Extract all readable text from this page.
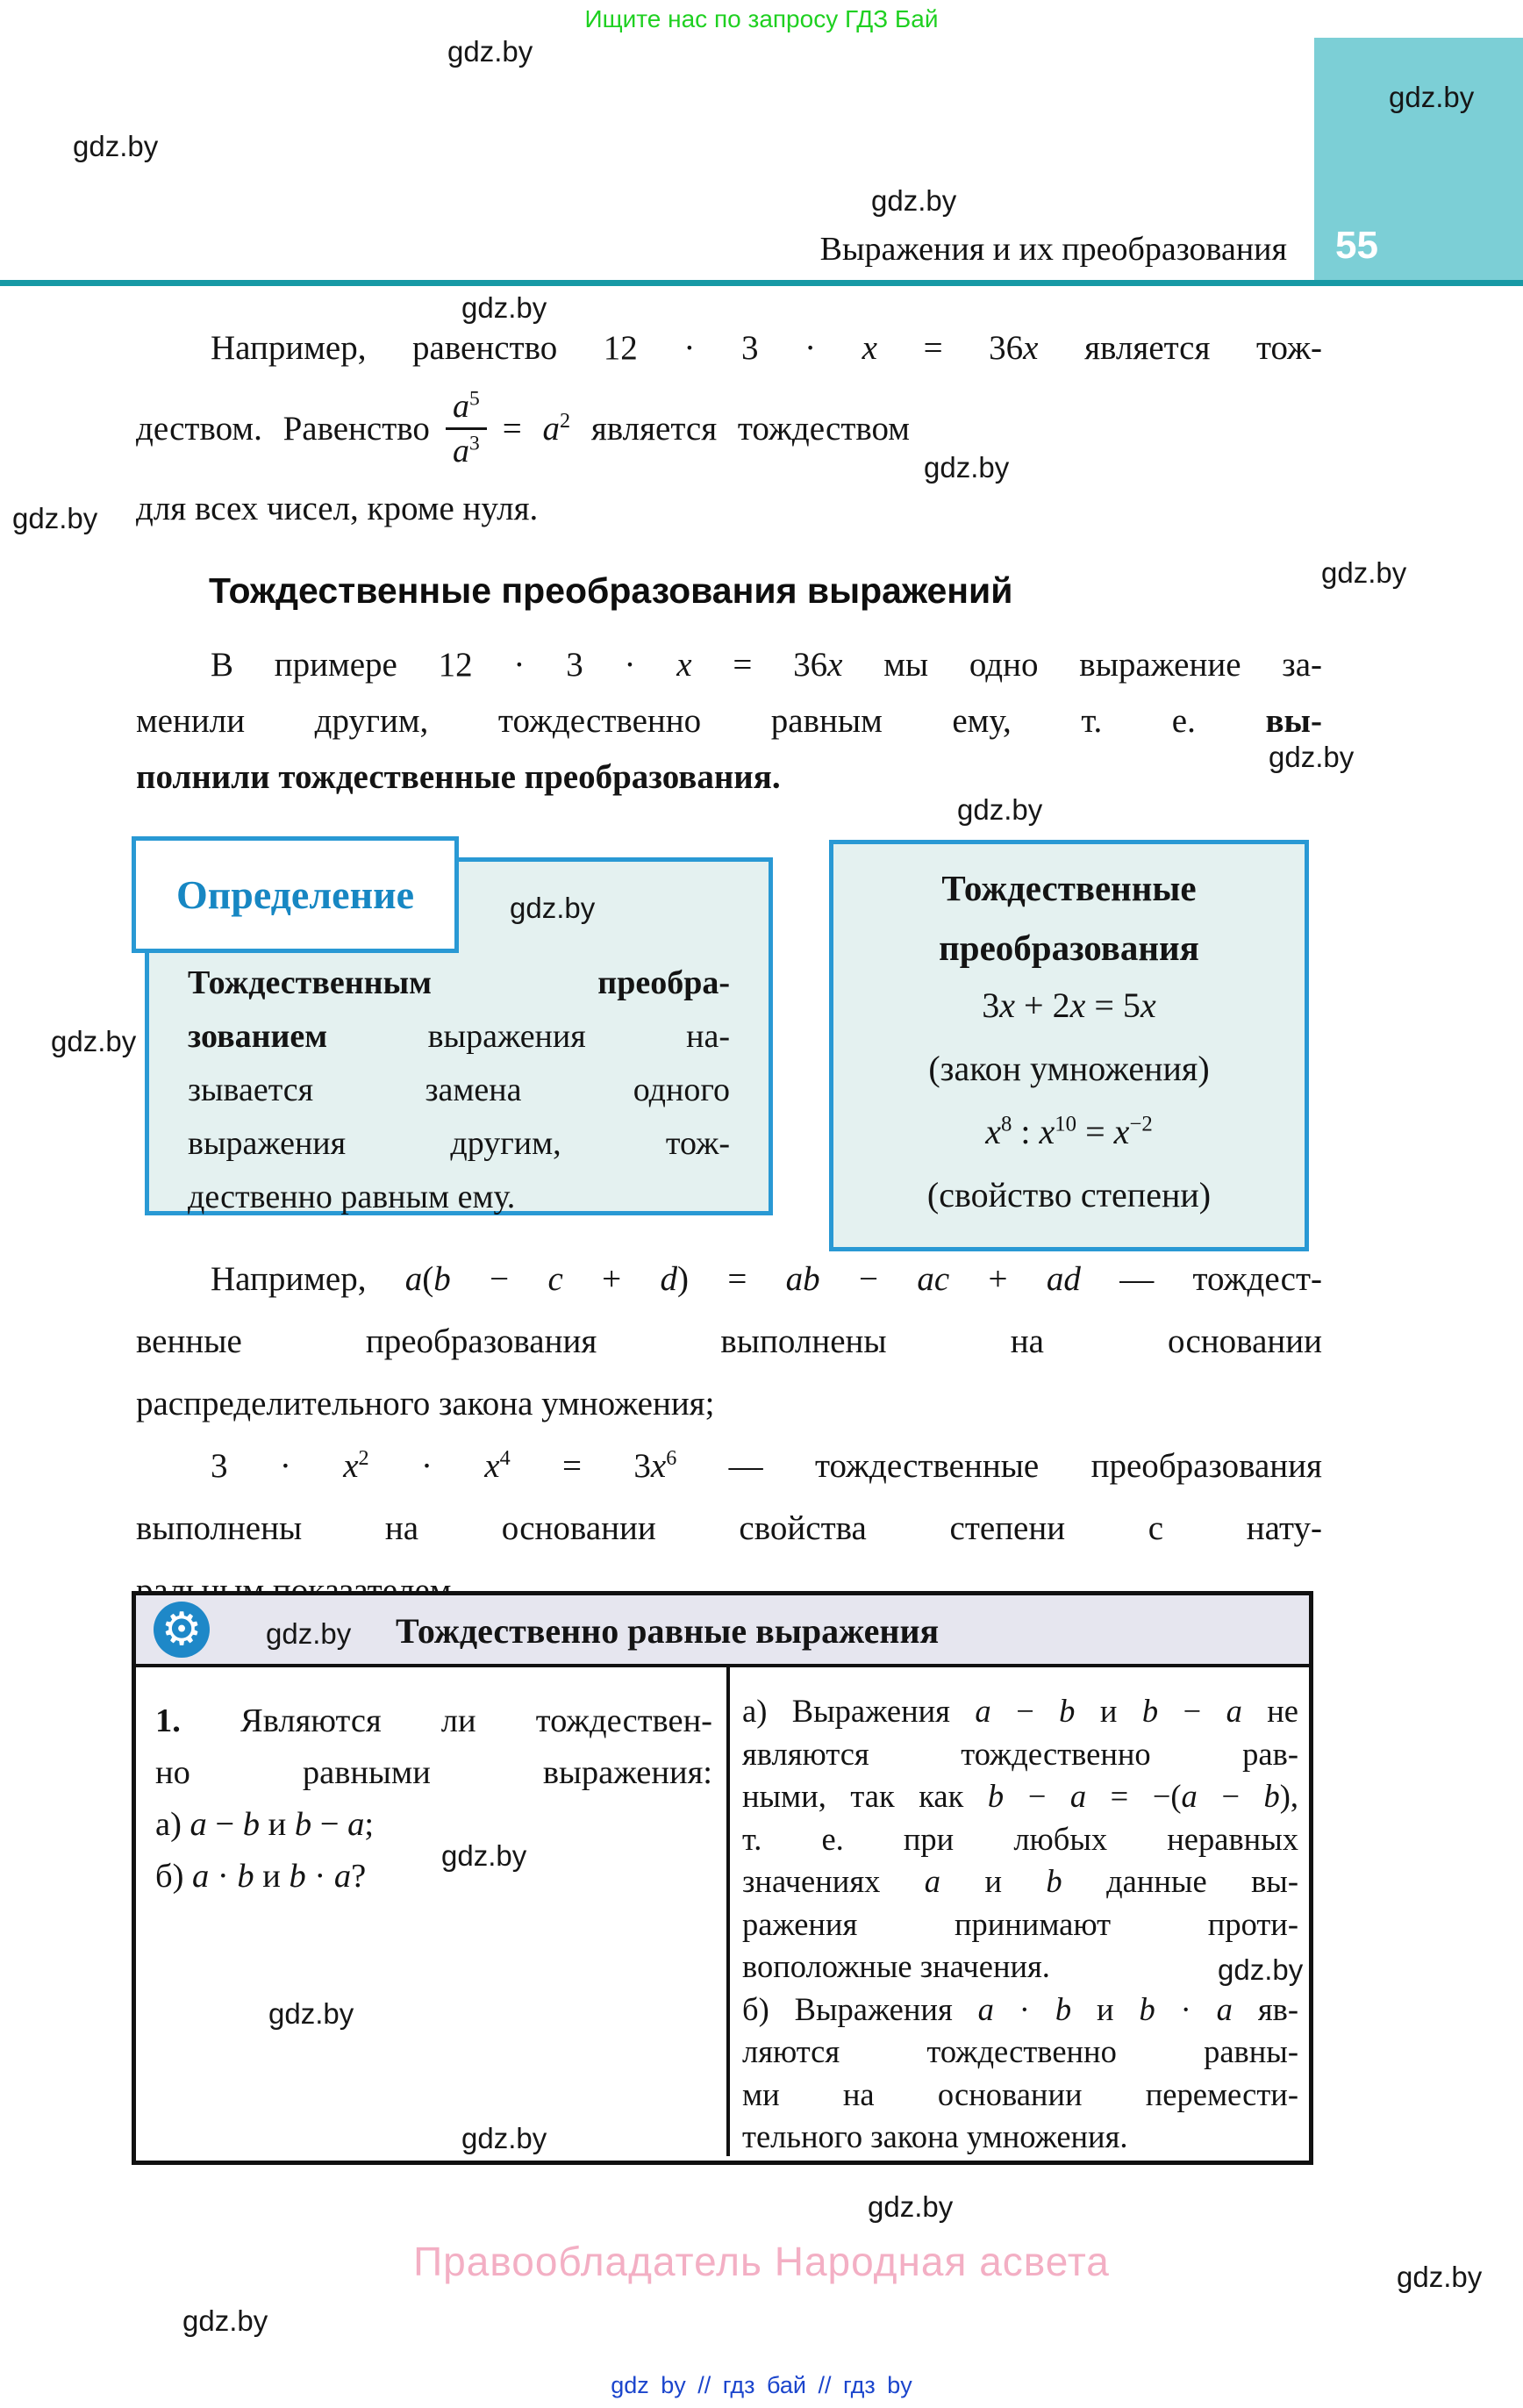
Ищите нас по запросу ГДЗ Бай
gdz.by
gdz.by
gdz.by
gdz.by
gdz.by
gdz.by
gdz.by
gdz.by
gdz.by
gdz.by
gdz.by
gdz.by
gdz.by
gdz.by
gdz.by
gdz.by
gdz.by
gdz.by
gdz.by
gdz.by
55
Выражения и их преобразования
Например, равенство 12 · 3 · x = 36x является тож-
деством. Равенство $\frac{a^5}{a^3} = a^2$ является тождеством
для всех чисел, кроме нуля.
Тождественные преобразования выражений
В примере 12 · 3 · x = 36x мы одно выражение за-
менили другим, тождественно равным ему, т. е. вы-
полнили тождественные преобразования.
Тождественным преобра-
зованием выражения на-
зывается замена одного
выражения другим, тож-
дественно равным ему.
Определение	Тождественные
преобразования
3x + 2x = 5x
(закон умножения)
$x^8$ : $x^{10} = x^{-2}$
(свойство степени)
Например, a(b − c + d) = ab − ac + ad — тождест-
венные преобразования выполнены на основании
распределительного закона умножения;
$3 \cdot x^2 \cdot x^4 = 3x^6$ — тождественные преобразования
выполнены на основании свойства степени с нату-
⚙	Тождественно равные выражения
1. Являются ли тождествен-
но равными выражения:
а) a − b и b − a;
б) a · b и b · a?
а) Выражения a − b и b − a не
являются тождественно рав-
ными, так как b − a = −(a − b),
т. е. при любых неравных
значениях a и b данные вы-
ражения принимают проти-
воположные значения.
б) Выражения a · b и b · a яв-
ляются тождественно равны-
ми на основании перемести-
тельного закона умножения.
Правообладатель Народная асвета
gdz by // гдз бай // гдз by
